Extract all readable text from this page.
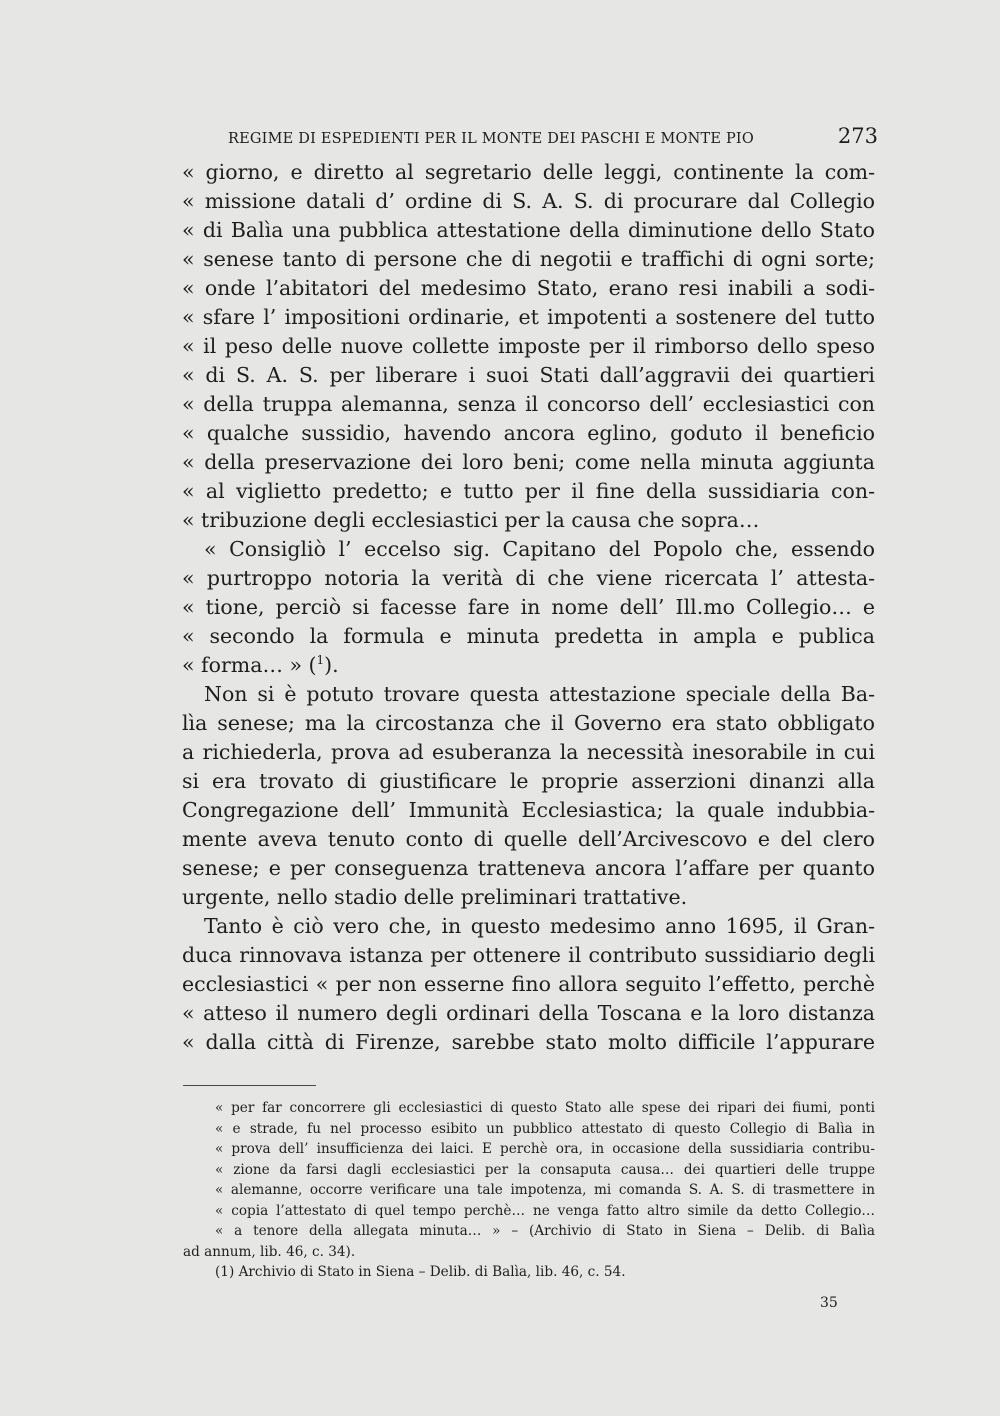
REGIME DI ESPEDIENTI PER IL MONTE DEI PASCHI E MONTE PIO	273
« giorno, e diretto al segretario delle leggi, continente la com-
« missione datali d’ ordine di S. A. S. di procurare dal Collegio
« di Balìa una pubblica attestatione della diminutione dello Stato
« senese tanto di persone che di negotii e traffichi di ogni sorte;
« onde l’abitatori del medesimo Stato, erano resi inabili a sodi-
« sfare l’ impositioni ordinarie, et impotenti a sostenere del tutto
« il peso delle nuove collette imposte per il rimborso dello speso
« di S. A. S. per liberare i suoi Stati dall’aggravii dei quartieri
« della truppa alemanna, senza il concorso dell’ ecclesiastici con
« qualche sussidio, havendo ancora eglino, goduto il beneficio
« della preservazione dei loro beni; come nella minuta aggiunta
« al viglietto predetto; e tutto per il fine della sussidiaria con-
« tribuzione degli ecclesiastici per la causa che sopra…
« Consigliò l’ eccelso sig. Capitano del Popolo che, essendo
« purtroppo notoria la verità di che viene ricercata l’ attesta-
« tione, perciò si facesse fare in nome dell’ Ill.mo Collegio… e
« secondo la formula e minuta predetta in ampla e publica
« forma… » ($^1$).
Non si è potuto trovare questa attestazione speciale della Ba-
lìa senese; ma la circostanza che il Governo era stato obbligato
a richiederla, prova ad esuberanza la necessità inesorabile in cui
si era trovato di giustificare le proprie asserzioni dinanzi alla
Congregazione dell’ Immunità Ecclesiastica; la quale indubbia-
mente aveva tenuto conto di quelle dell’Arcivescovo e del clero
senese; e per conseguenza tratteneva ancora l’affare per quanto
urgente, nello stadio delle preliminari trattative.
Tanto è ciò vero che, in questo medesimo anno 1695, il Gran-
duca rinnovava istanza per ottenere il contributo sussidiario degli
ecclesiastici « per non esserne fino allora seguito l’effetto, perchè
« atteso il numero degli ordinari della Toscana e la loro distanza
« dalla città di Firenze, sarebbe stato molto difficile l’appurare
« per far concorrere gli ecclesiastici di questo Stato alle spese dei ripari dei fiumi, ponti
« e strade, fu nel processo esibito un pubblico attestato di questo Collegio di Balìa in
« prova dell’ insufficienza dei laici. E perchè ora, in occasione della sussidiaria contribu-
« zione da farsi dagli ecclesiastici per la consaputa causa… dei quartieri delle truppe
« alemanne, occorre verificare una tale impotenza, mi comanda S. A. S. di trasmettere in
« copia l’attestato di quel tempo perchè… ne venga fatto altro simile da detto Collegio…
« a tenore della allegata minuta… » – (Archivio di Stato in Siena – Delib. di Balìa
ad annum, lib. 46, c. 34).
(1) Archivio di Stato in Siena – Delib. di Balìa, lib. 46, c. 54.
35
